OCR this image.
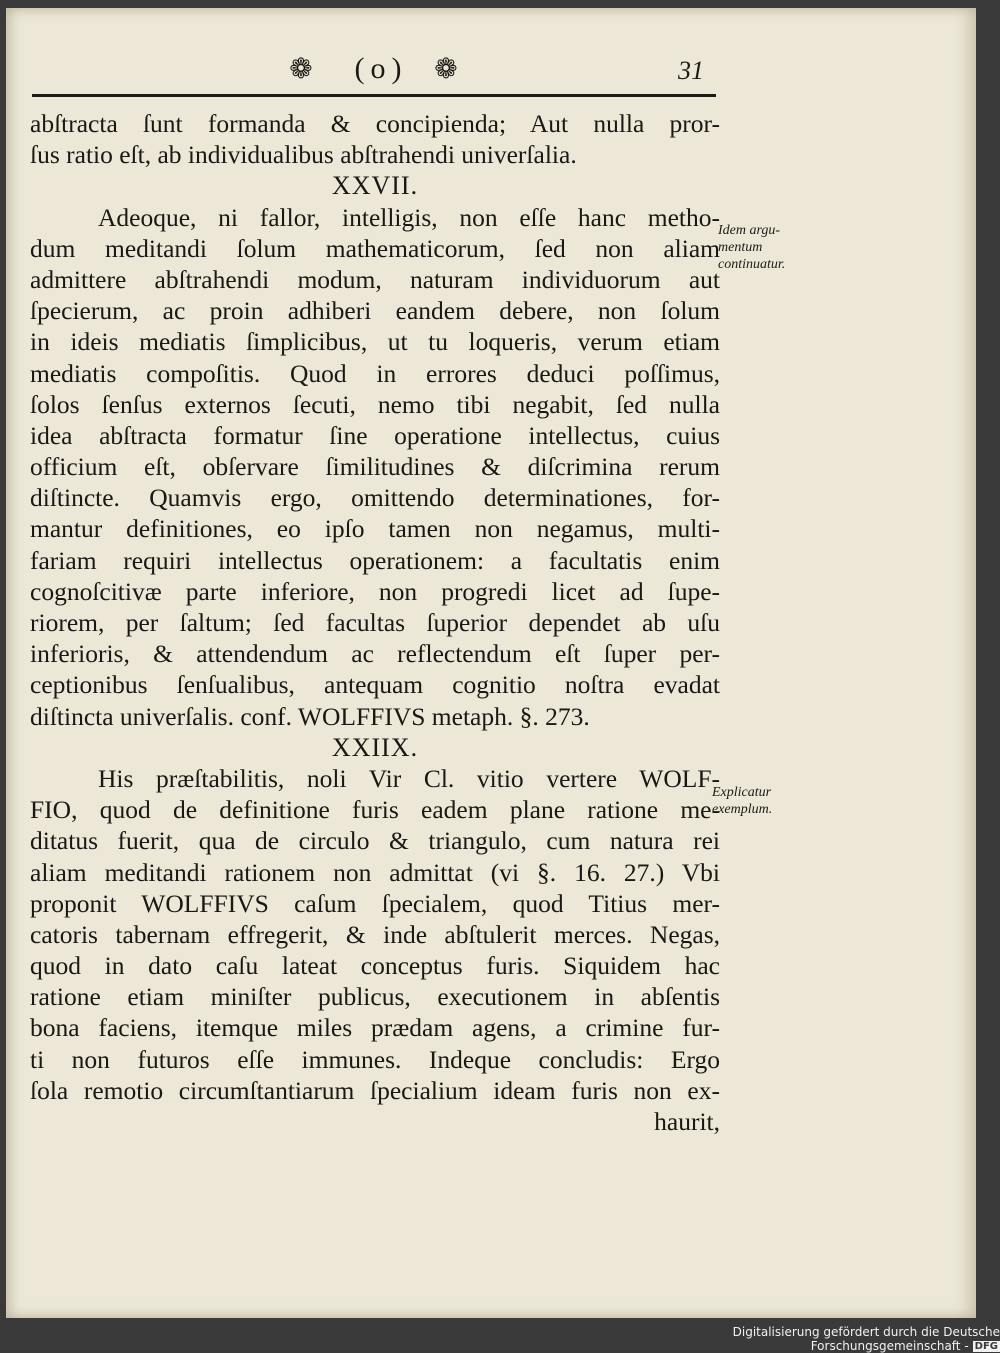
❁	(o) ❁	31
abſtracta ſunt formanda & concipienda; Aut nulla pror-
ſus ratio eſt, ab individualibus abſtrahendi univerſalia.
XXVII.
Adeoque, ni fallor, intelligis, non eſſe hanc metho-
dum meditandi ſolum mathematicorum, ſed non aliam
admittere abſtrahendi modum, naturam individuorum aut
ſpecierum, ac proin adhiberi eandem debere, non ſolum
in ideis mediatis ſimplicibus, ut tu loqueris, verum etiam
mediatis compoſitis. Quod in errores deduci poſſimus,
ſolos ſenſus externos ſecuti, nemo tibi negabit, ſed nulla
idea abſtracta formatur ſine operatione intellectus, cuius
officium eſt, obſervare ſimilitudines & diſcrimina rerum
diſtincte. Quamvis ergo, omittendo determinationes, for-
mantur definitiones, eo ipſo tamen non negamus, multi-
fariam requiri intellectus operationem: a facultatis enim
cognoſcitivæ parte inferiore, non progredi licet ad ſupe-
riorem, per ſaltum; ſed facultas ſuperior dependet ab uſu
inferioris, & attendendum ac reflectendum eſt ſuper per-
ceptionibus ſenſualibus, antequam cognitio noſtra evadat
diſtincta univerſalis. conf. WOLFFIVS metaph. §. 273.
XXIIX.
His præſtabilitis, noli Vir Cl. vitio vertere WOLF-
FIO, quod de definitione furis eadem plane ratione me-
ditatus fuerit, qua de circulo & triangulo, cum natura rei
aliam meditandi rationem non admittat (vi §. 16. 27.) Vbi
proponit WOLFFIVS caſum ſpecialem, quod Titius mer-
catoris tabernam effregerit, & inde abſtulerit merces. Negas,
quod in dato caſu lateat conceptus furis. Siquidem hac
ratione etiam miniſter publicus, executionem in abſentis
bona faciens, itemque miles prædam agens, a crimine fur-
ti non futuros eſſe immunes. Indeque concludis: Ergo
ſola remotio circumſtantiarum ſpecialium ideam furis non ex-
haurit,
Idem argu-
mentum
continuatur.
Explicatur
exemplum.
Digitalisierung gefördert durch die Deutsche Forschungsgemeinschaft - DFG
